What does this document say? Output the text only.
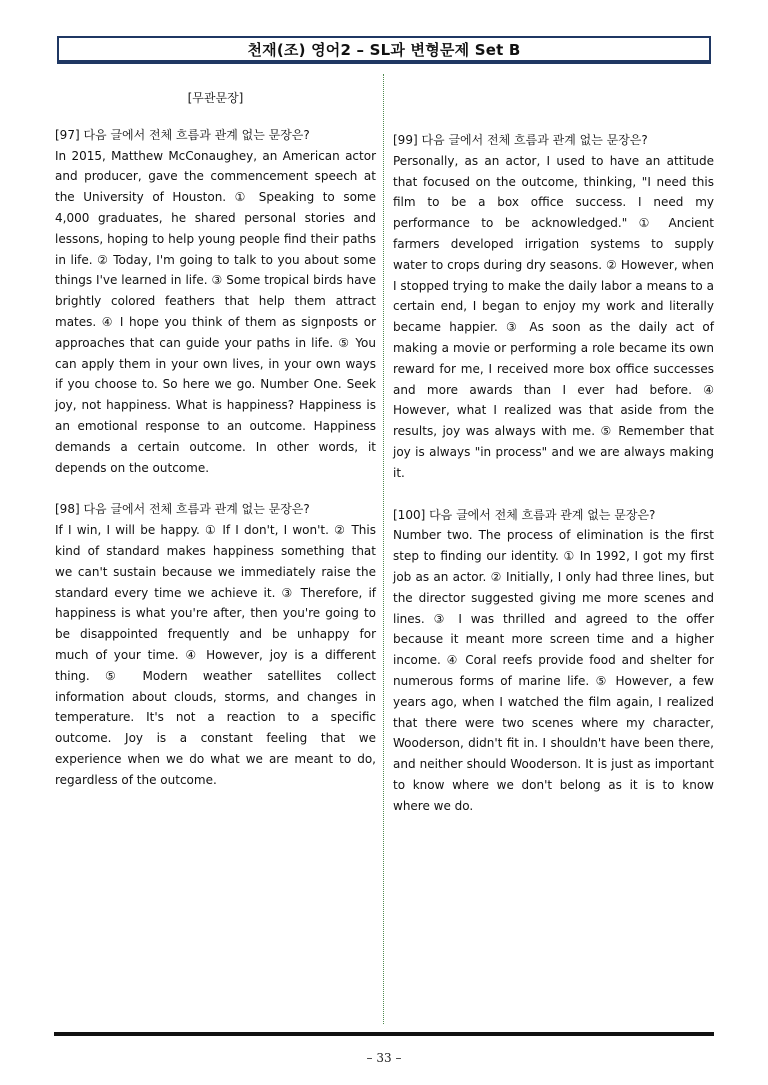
천재(조) 영어2 – SL과 변형문제 Set B
[무관문장]
[97] 다음 글에서 전체 흐름과 관계 없는 문장은?
In 2015, Matthew McConaughey, an American actor and producer, gave the commencement speech at the University of Houston. ① Speaking to some 4,000 graduates, he shared personal stories and lessons, hoping to help young people find their paths in life. ② Today, I'm going to talk to you about some things I've learned in life. ③ Some tropical birds have brightly colored feathers that help them attract mates. ④ I hope you think of them as signposts or approaches that can guide your paths in life. ⑤ You can apply them in your own lives, in your own ways if you choose to. So here we go. Number One. Seek joy, not happiness. What is happiness? Happiness is an emotional response to an outcome. Happiness demands a certain outcome. In other words, it depends on the outcome.
[98] 다음 글에서 전체 흐름과 관계 없는 문장은?
If I win, I will be happy. ① If I don't, I won't. ② This kind of standard makes happiness something that we can't sustain because we immediately raise the standard every time we achieve it. ③ Therefore, if happiness is what you're after, then you're going to be disappointed frequently and be unhappy for much of your time. ④ However, joy is a different thing. ⑤ Modern weather satellites collect information about clouds, storms, and changes in temperature. It's not a reaction to a specific outcome. Joy is a constant feeling that we experience when we do what we are meant to do, regardless of the outcome.
[99] 다음 글에서 전체 흐름과 관계 없는 문장은?
Personally, as an actor, I used to have an attitude that focused on the outcome, thinking, "I need this film to be a box office success. I need my performance to be acknowledged." ① Ancient farmers developed irrigation systems to supply water to crops during dry seasons. ② However, when I stopped trying to make the daily labor a means to a certain end, I began to enjoy my work and literally became happier. ③ As soon as the daily act of making a movie or performing a role became its own reward for me, I received more box office successes and more awards than I ever had before. ④ However, what I realized was that aside from the results, joy was always with me. ⑤ Remember that joy is always "in process" and we are always making it.
[100] 다음 글에서 전체 흐름과 관계 없는 문장은?
Number two. The process of elimination is the first step to finding our identity. ① In 1992, I got my first job as an actor. ② Initially, I only had three lines, but the director suggested giving me more scenes and lines. ③ I was thrilled and agreed to the offer because it meant more screen time and a higher income. ④ Coral reefs provide food and shelter for numerous forms of marine life. ⑤ However, a few years ago, when I watched the film again, I realized that there were two scenes where my character, Wooderson, didn't fit in. I shouldn't have been there, and neither should Wooderson. It is just as important to know where we don't belong as it is to know where we do.
– 33 –
